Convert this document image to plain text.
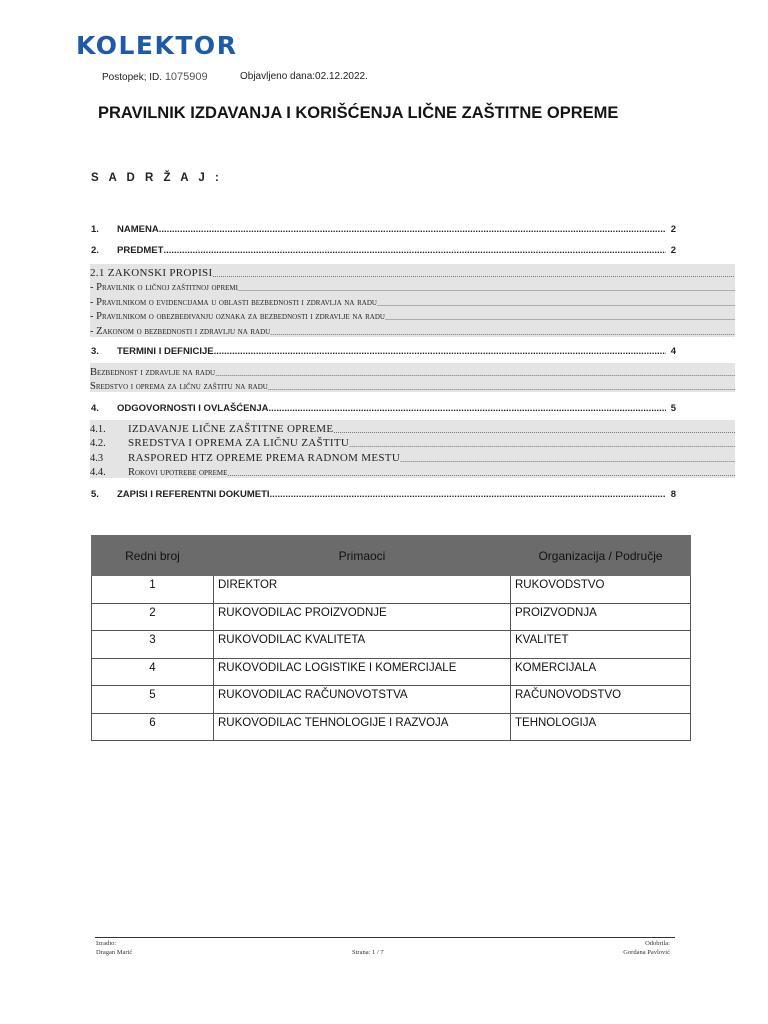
KOLEKTOR
Postopek; ID. 1075909	Objavljeno dana:02.12.2022.
PRAVILNIK IZDAVANJA I KORIŠĆENJA LIČNE ZAŠTITNE OPREME
S A D R Ž A J :
1.	NAMENA .....	2
2.	PREDMET .....	2
2.1 ZAKONSKI PROPISI
.....
- Pravilnik o ličnoj zaštitnoj opremi
.....
- Pravilnikom o evidencijama u oblasti bezbednosti i zdravlja na radu
.....
- Pravilnikom o obezbeđivanju oznaka za bezbednosti i zdravlje na radu
.....
- Zakonom o bezbednosti i zdravlju na radu
.....
3.	TERMINI I DEFNICIJE .....	4
Bezbednost i zdravlje na radu
.....
Sredstvo i oprema za ličnu zaštitu na radu
.....
4.	ODGOVORNOSTI I OVLAŠĆENJA .....	5
4.1.	IZDAVANJE LIČNE ZAŠTITNE OPREME
.....
4.2.	SREDSTVA I OPREMA ZA LIČNU ZAŠTITU
.....
4.3	RASPORED HTZ OPREME PREMA RADNOM MESTU
.....
4.4.	Rokovi upotrebe opreme
.....
5.	ZAPISI I REFERENTNI DOKUMETI .....	8
Redni broj	Primaoci	Organizacija / Područje
1	DIREKTOR	RUKOVODSTVO
2	RUKOVODILAC PROIZVODNJE	PROIZVODNJA
3	RUKOVODILAC KVALITETA	KVALITET
4	RUKOVODILAC LOGISTIKE I KOMERCIJALE	KOMERCIJALA
5	RUKOVODILAC RAČUNOVOTSTVA	RAČUNOVODSTVO
6	RUKOVODILAC TEHNOLOGIJE I RAZVOJA	TEHNOLOGIJA
Izradio:
Dragan Marić	Strana: 1 / 7
Odobrila:
Gordana Pavlović
